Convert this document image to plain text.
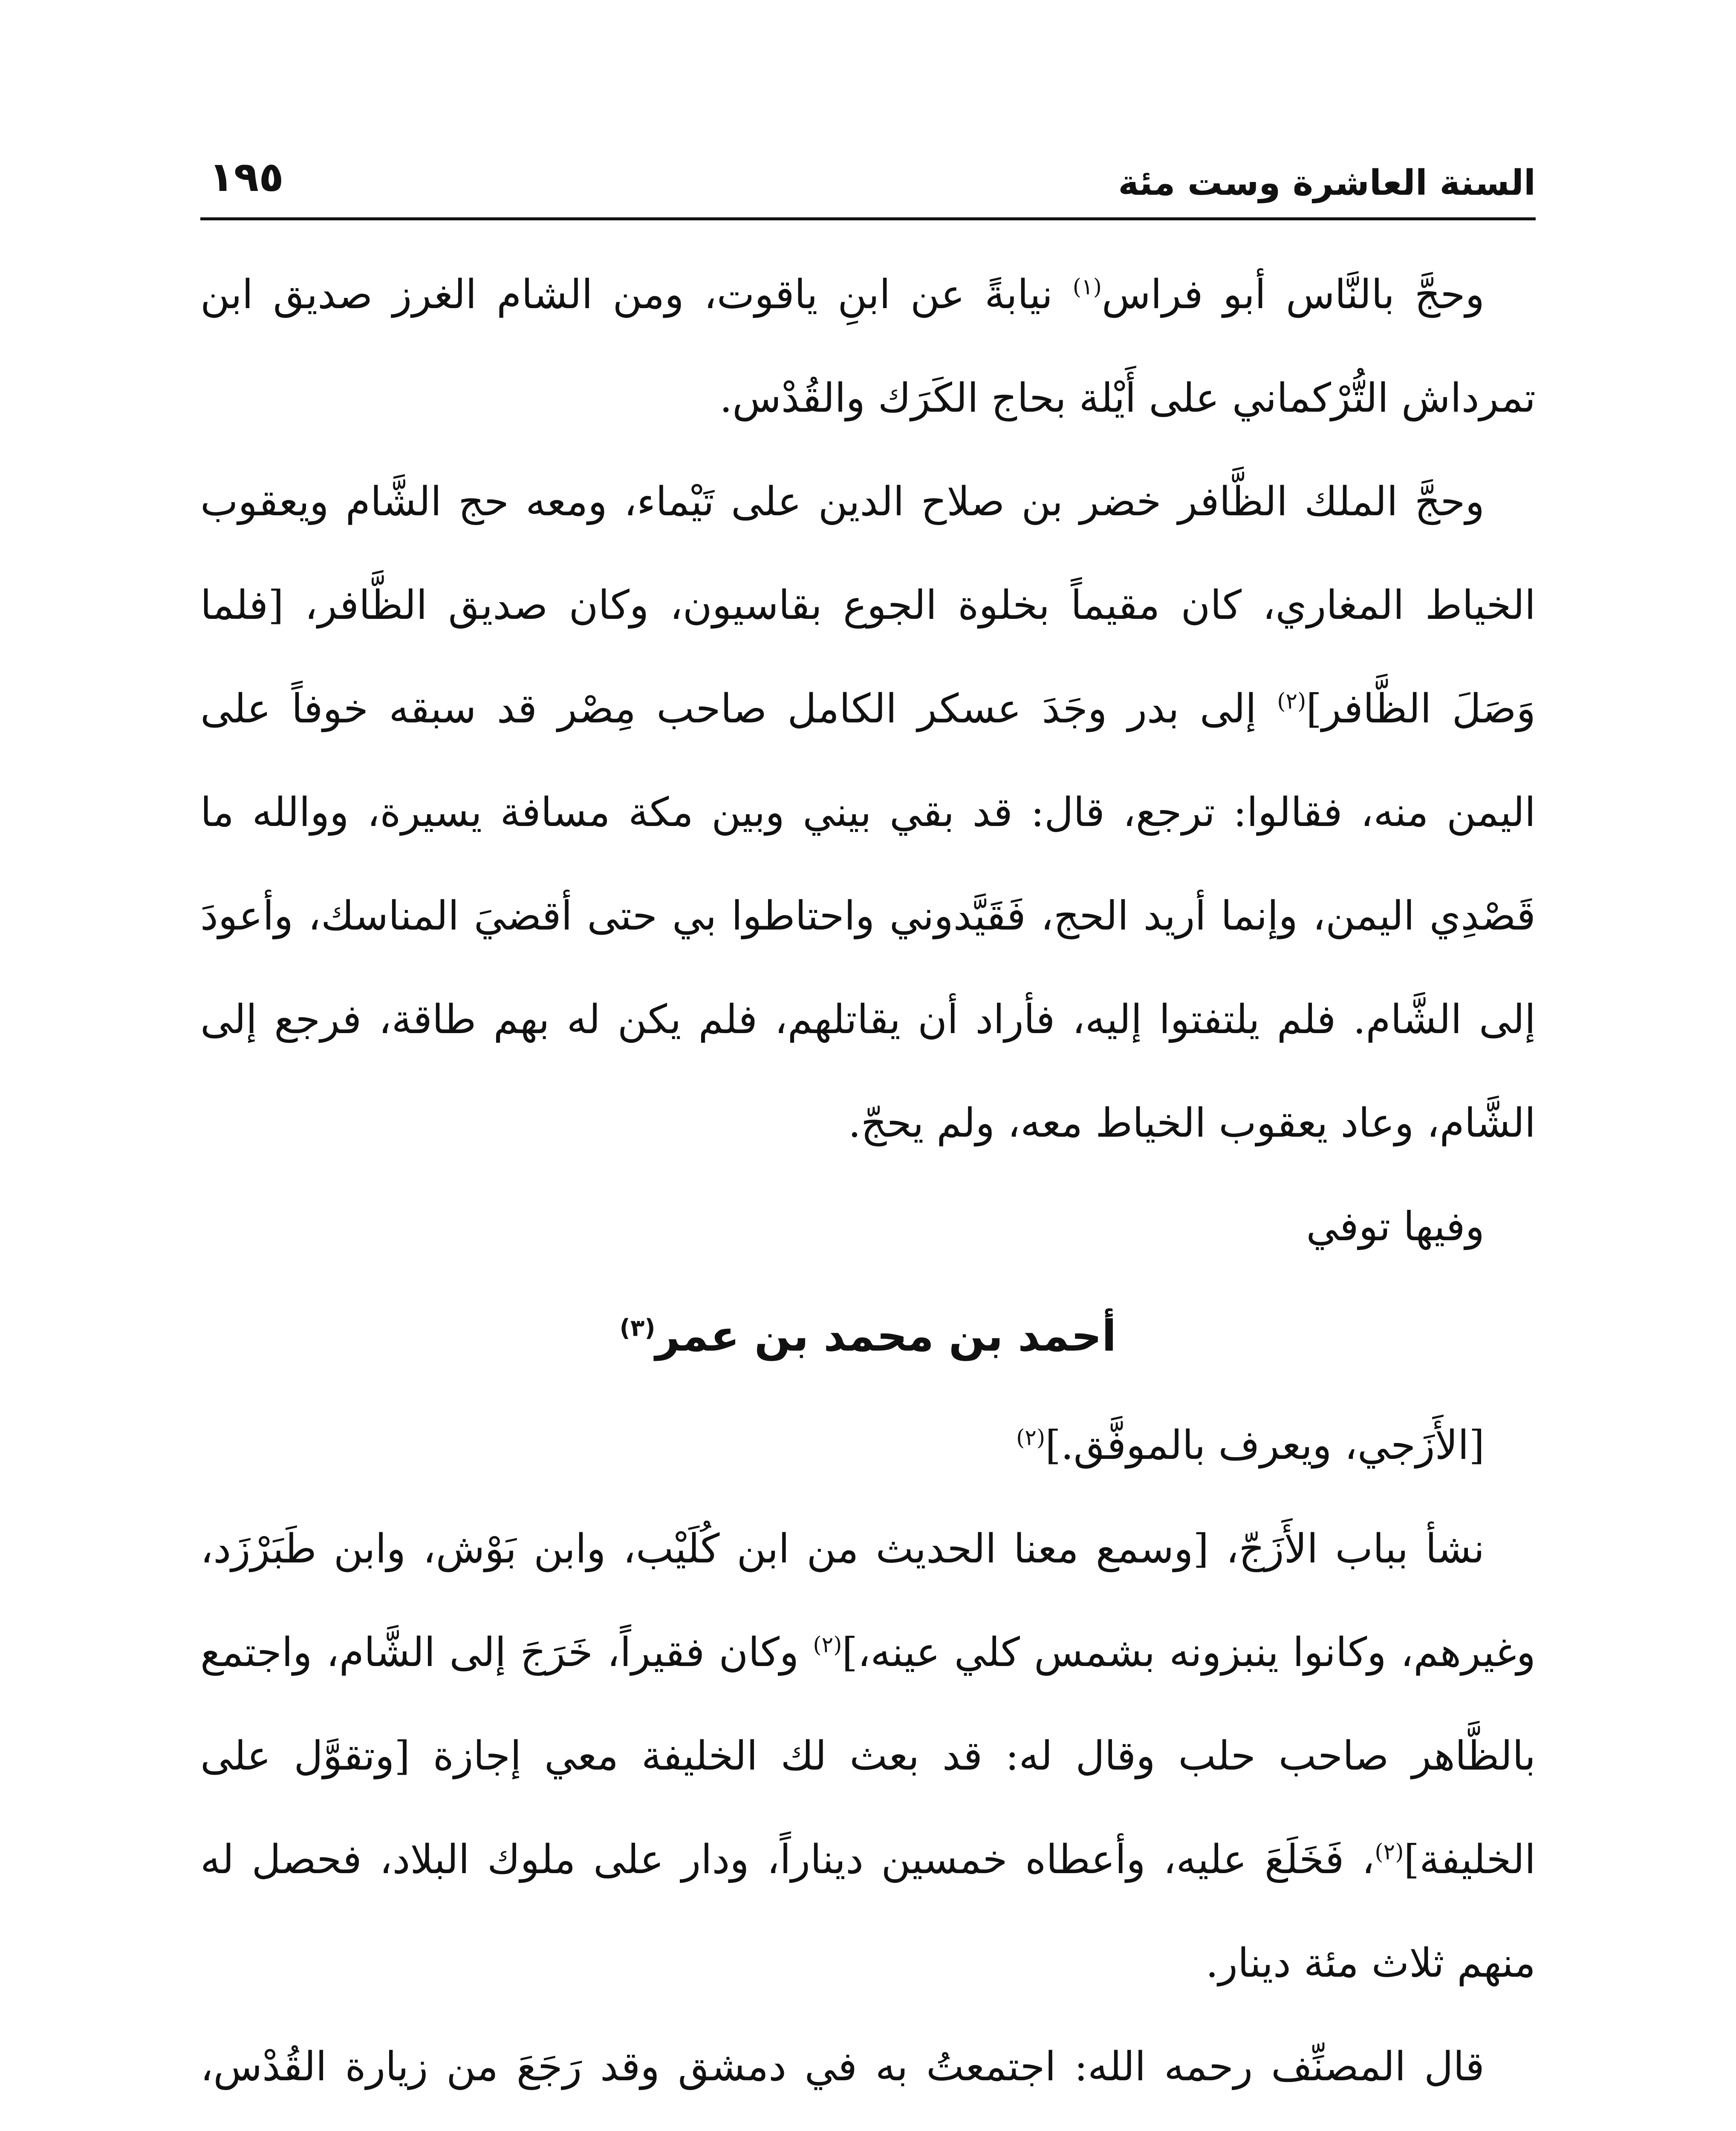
السنة العاشرة وست مئة
١٩٥

وحجَّ بالنَّاس أبو فراس$^{(١)}$ نيابةً عن ابنِ ياقوت، ومن الشام الغرز صديق ابن تمرداش التُّرْكماني على أَيْلة بحاج الكَرَك والقُدْس.

وحجَّ الملك الظَّافر خضر بن صلاح الدين على تَيْماء، ومعه حج الشَّام ويعقوب الخياط المغاري، كان مقيماً بخلوة الجوع بقاسيون، وكان صديق الظَّافر، [فلما وَصَلَ الظَّافر]$^{(٢)}$ إلى بدر وجَدَ عسكر الكامل صاحب مِصْر قد سبقه خوفاً على اليمن منه، فقالوا: ترجع، قال: قد بقي بيني وبين مكة مسافة يسيرة، ووالله ما قَصْدِي اليمن، وإنما أريد الحج، فَقَيَّدوني واحتاطوا بي حتى أقضيَ المناسك، وأعودَ إلى الشَّام. فلم يلتفتوا إليه، فأراد أن يقاتلهم، فلم يكن له بهم طاقة، فرجع إلى الشَّام، وعاد يعقوب الخياط معه، ولم يحجّ.

وفيها توفي

أحمد بن محمد بن عمر$^{(٣)}$

[الأَزَجي، ويعرف بالموفَّق.]$^{(٢)}$

نشأ بباب الأَزَجّ، [وسمع معنا الحديث من ابن كُلَيْب، وابن بَوْش، وابن طَبَرْزَد، وغيرهم، وكانوا ينبزونه بشمس كلي عينه،]$^{(٢)}$ وكان فقيراً، خَرَجَ إلى الشَّام، واجتمع بالظَّاهر صاحب حلب وقال له: قد بعث لك الخليفة معي إجازة [وتقوَّل على الخليفة]$^{(٢)}$، فَخَلَعَ عليه، وأعطاه خمسين ديناراً، ودار على ملوك البلاد، فحصل له منهم ثلاث مئة دينار.

قال المصنِّف رحمه الله: اجتمعتُ به في دمشق وقد رَجَعَ من زيارة القُدْس،
